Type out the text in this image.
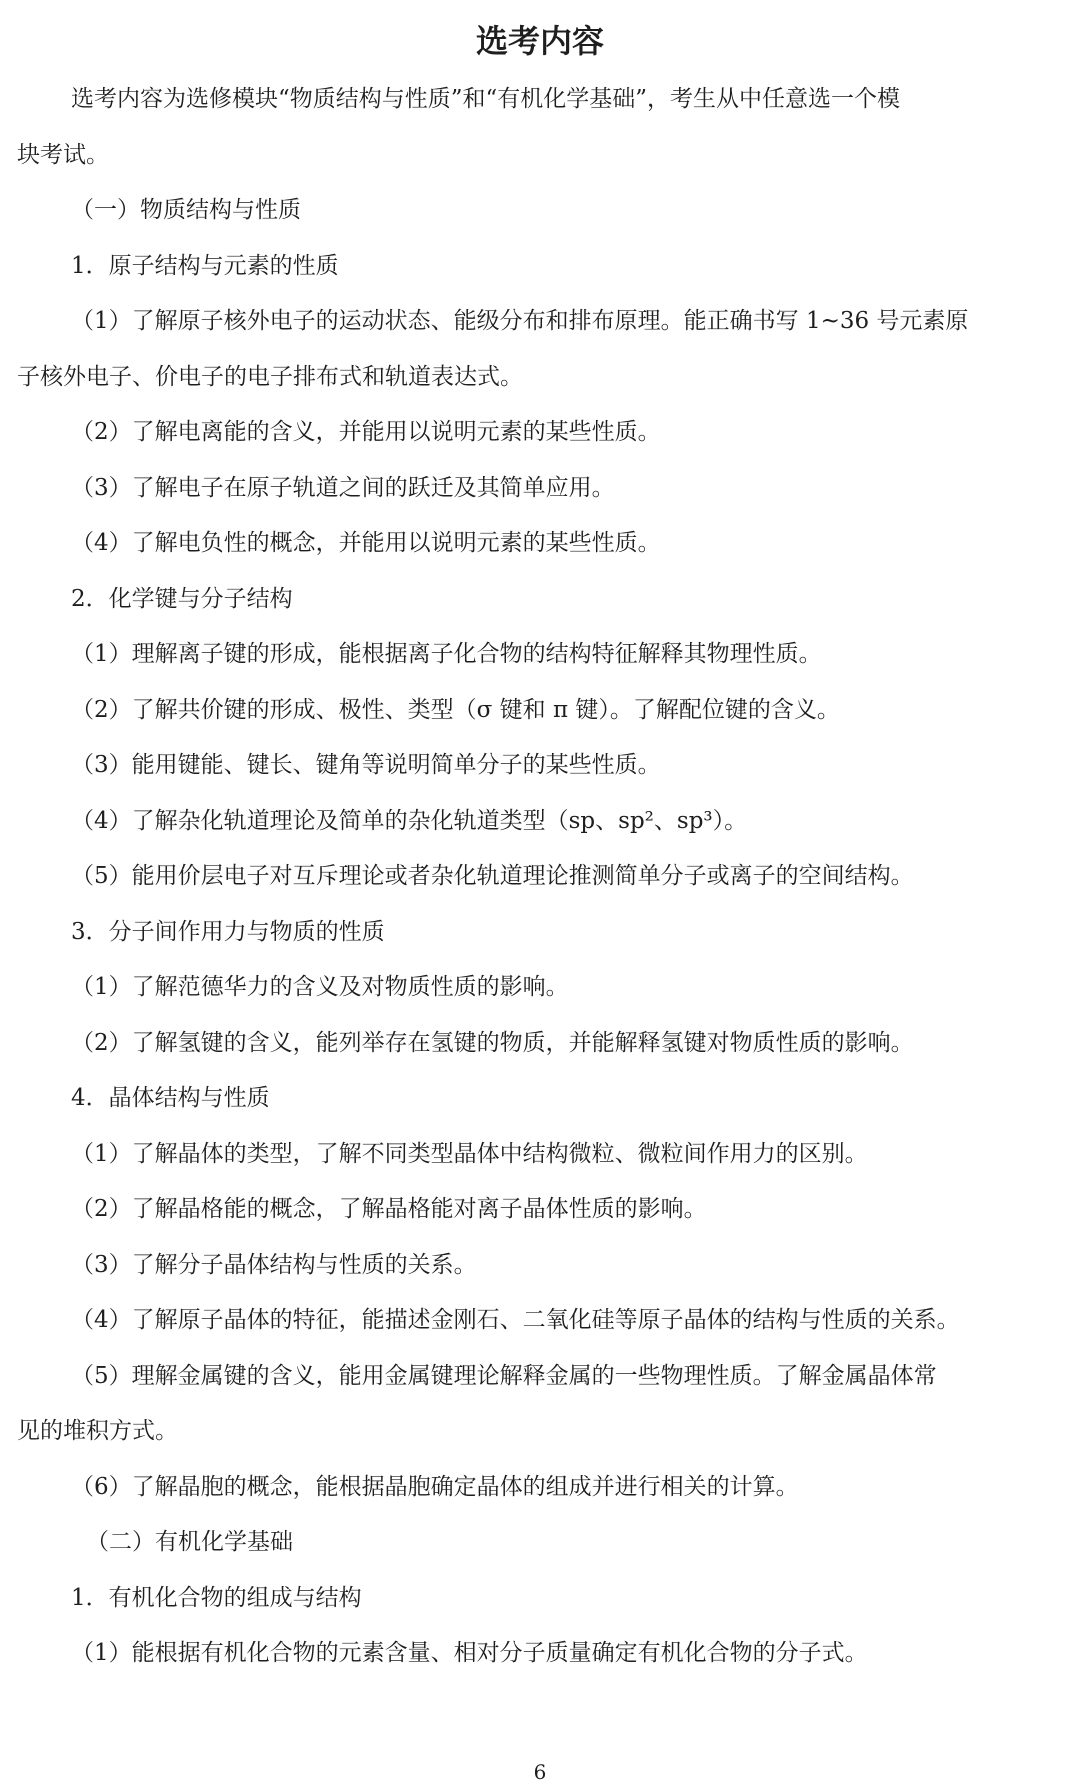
选考内容
选考内容为选修模块“物质结构与性质”和“有机化学基础”，考生从中任意选一个模
块考试。
（一）物质结构与性质
1．原子结构与元素的性质
（1）了解原子核外电子的运动状态、能级分布和排布原理。能正确书写 1~36 号元素原
子核外电子、价电子的电子排布式和轨道表达式。
（2）了解电离能的含义，并能用以说明元素的某些性质。
（3）了解电子在原子轨道之间的跃迁及其简单应用。
（4）了解电负性的概念，并能用以说明元素的某些性质。
2．化学键与分子结构
（1）理解离子键的形成，能根据离子化合物的结构特征解释其物理性质。
（2）了解共价键的形成、极性、类型（σ 键和 π 键）。了解配位键的含义。
（3）能用键能、键长、键角等说明简单分子的某些性质。
（4）了解杂化轨道理论及简单的杂化轨道类型（sp、sp²、sp³）。
（5）能用价层电子对互斥理论或者杂化轨道理论推测简单分子或离子的空间结构。
3．分子间作用力与物质的性质
（1）了解范德华力的含义及对物质性质的影响。
（2）了解氢键的含义，能列举存在氢键的物质，并能解释氢键对物质性质的影响。
4．晶体结构与性质
（1）了解晶体的类型，了解不同类型晶体中结构微粒、微粒间作用力的区别。
（2）了解晶格能的概念，了解晶格能对离子晶体性质的影响。
（3）了解分子晶体结构与性质的关系。
（4）了解原子晶体的特征，能描述金刚石、二氧化硅等原子晶体的结构与性质的关系。
（5）理解金属键的含义，能用金属键理论解释金属的一些物理性质。了解金属晶体常
见的堆积方式。
（6）了解晶胞的概念，能根据晶胞确定晶体的组成并进行相关的计算。
（二）有机化学基础
1．有机化合物的组成与结构
（1）能根据有机化合物的元素含量、相对分子质量确定有机化合物的分子式。
6
